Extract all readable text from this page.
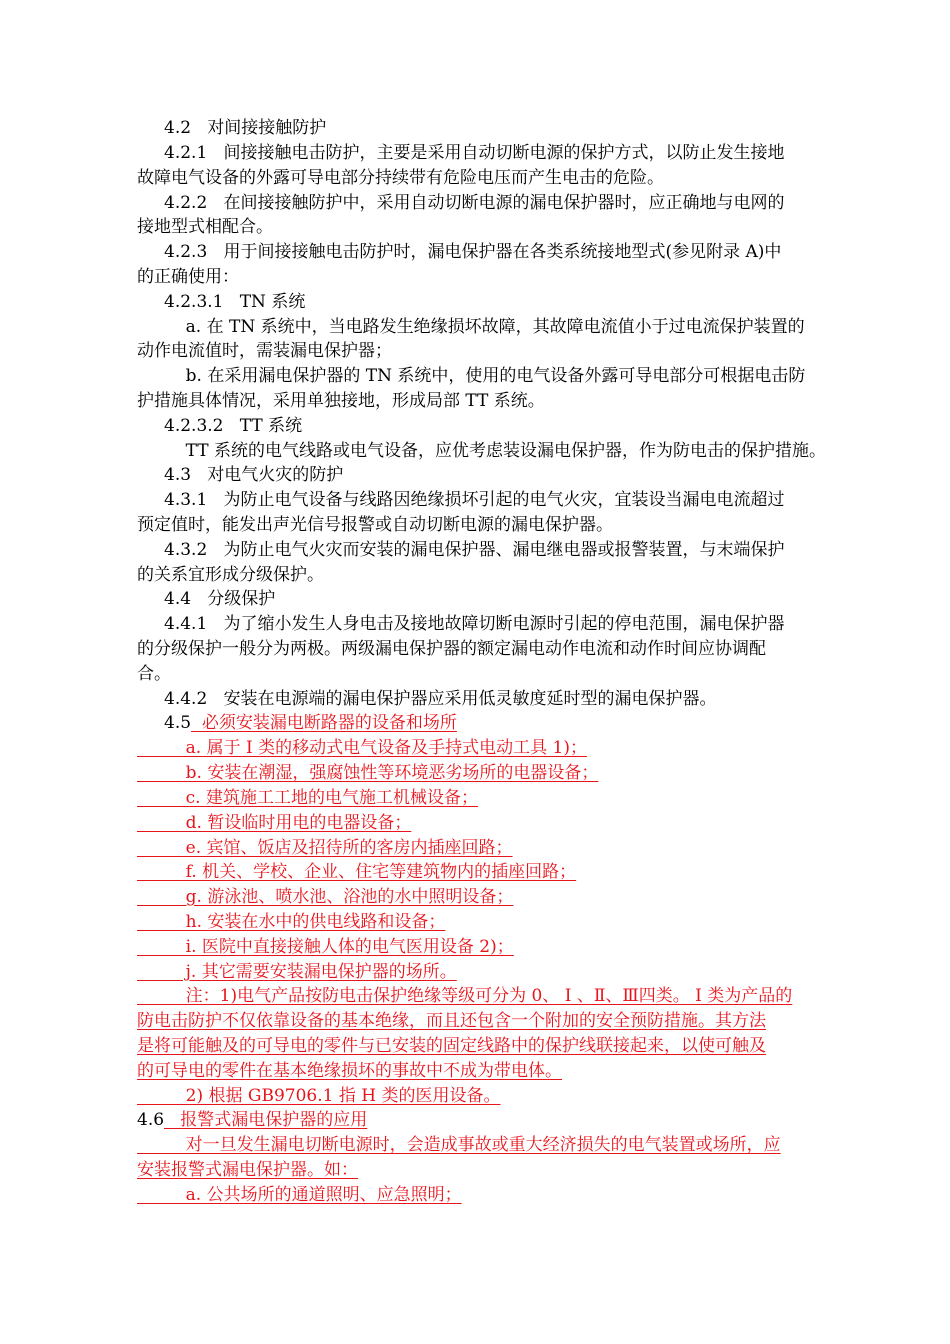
4.2   对间接接触防护
4.2.1   间接接触电击防护，主要是采用自动切断电源的保护方式，以防止发生接地
故障电气设备的外露可导电部分持续带有危险电压而产生电击的危险。
4.2.2   在间接接触防护中，采用自动切断电源的漏电保护器时，应正确地与电网的
接地型式相配合。
4.2.3   用于间接接触电击防护时，漏电保护器在各类系统接地型式(参见附录 A)中
的正确使用：
4.2.3.1   TN 系统
a. 在 TN 系统中，当电路发生绝缘损坏故障，其故障电流值小于过电流保护装置的
动作电流值时，需装漏电保护器；
b. 在采用漏电保护器的 TN 系统中，使用的电气设备外露可导电部分可根据电击防
护措施具体情况，采用单独接地，形成局部 TT 系统。
4.2.3.2   TT 系统
TT 系统的电气线路或电气设备，应优考虑装设漏电保护器，作为防电击的保护措施。
4.3   对电气火灾的防护
4.3.1   为防止电气设备与线路因绝缘损坏引起的电气火灾，宜装设当漏电电流超过
预定值时，能发出声光信号报警或自动切断电源的漏电保护器。
4.3.2   为防止电气火灾而安装的漏电保护器、漏电继电器或报警装置，与末端保护
的关系宜形成分级保护。
4.4   分级保护
4.4.1   为了缩小发生人身电击及接地故障切断电源时引起的停电范围，漏电保护器
的分级保护一般分为两极。两级漏电保护器的额定漏电动作电流和动作时间应协调配
合。
4.4.2   安装在电源端的漏电保护器应采用低灵敏度延时型的漏电保护器。
4.5  必须安装漏电断路器的设备和场所
a. 属于 I 类的移动式电气设备及手持式电动工具 1)；
b. 安装在潮湿，强腐蚀性等环境恶劣场所的电器设备；
c. 建筑施工工地的电气施工机械设备；
d. 暂设临时用电的电器设备；
e. 宾馆、饭店及招待所的客房内插座回路；
f. 机关、学校、企业、住宅等建筑物内的插座回路；
g. 游泳池、喷水池、浴池的水中照明设备；
h. 安装在水中的供电线路和设备；
i. 医院中直接接触人体的电气医用设备 2)；
j. 其它需要安装漏电保护器的场所。
注：1)电气产品按防电击保护绝缘等级可分为 0、 Ⅰ 、Ⅱ、Ⅲ四类。 Ⅰ 类为产品的
防电击防护不仅依靠设备的基本绝缘，而且还包含一个附加的安全预防措施。其方法
是将可能触及的可导电的零件与已安装的固定线路中的保护线联接起来，以使可触及
的可导电的零件在基本绝缘损坏的事故中不成为带电体。
2) 根据 GB9706.1 指 H 类的医用设备。
4.6   报警式漏电保护器的应用
对一旦发生漏电切断电源时，会造成事故或重大经济损失的电气装置或场所，应
安装报警式漏电保护器。如：
a. 公共场所的通道照明、应急照明；
